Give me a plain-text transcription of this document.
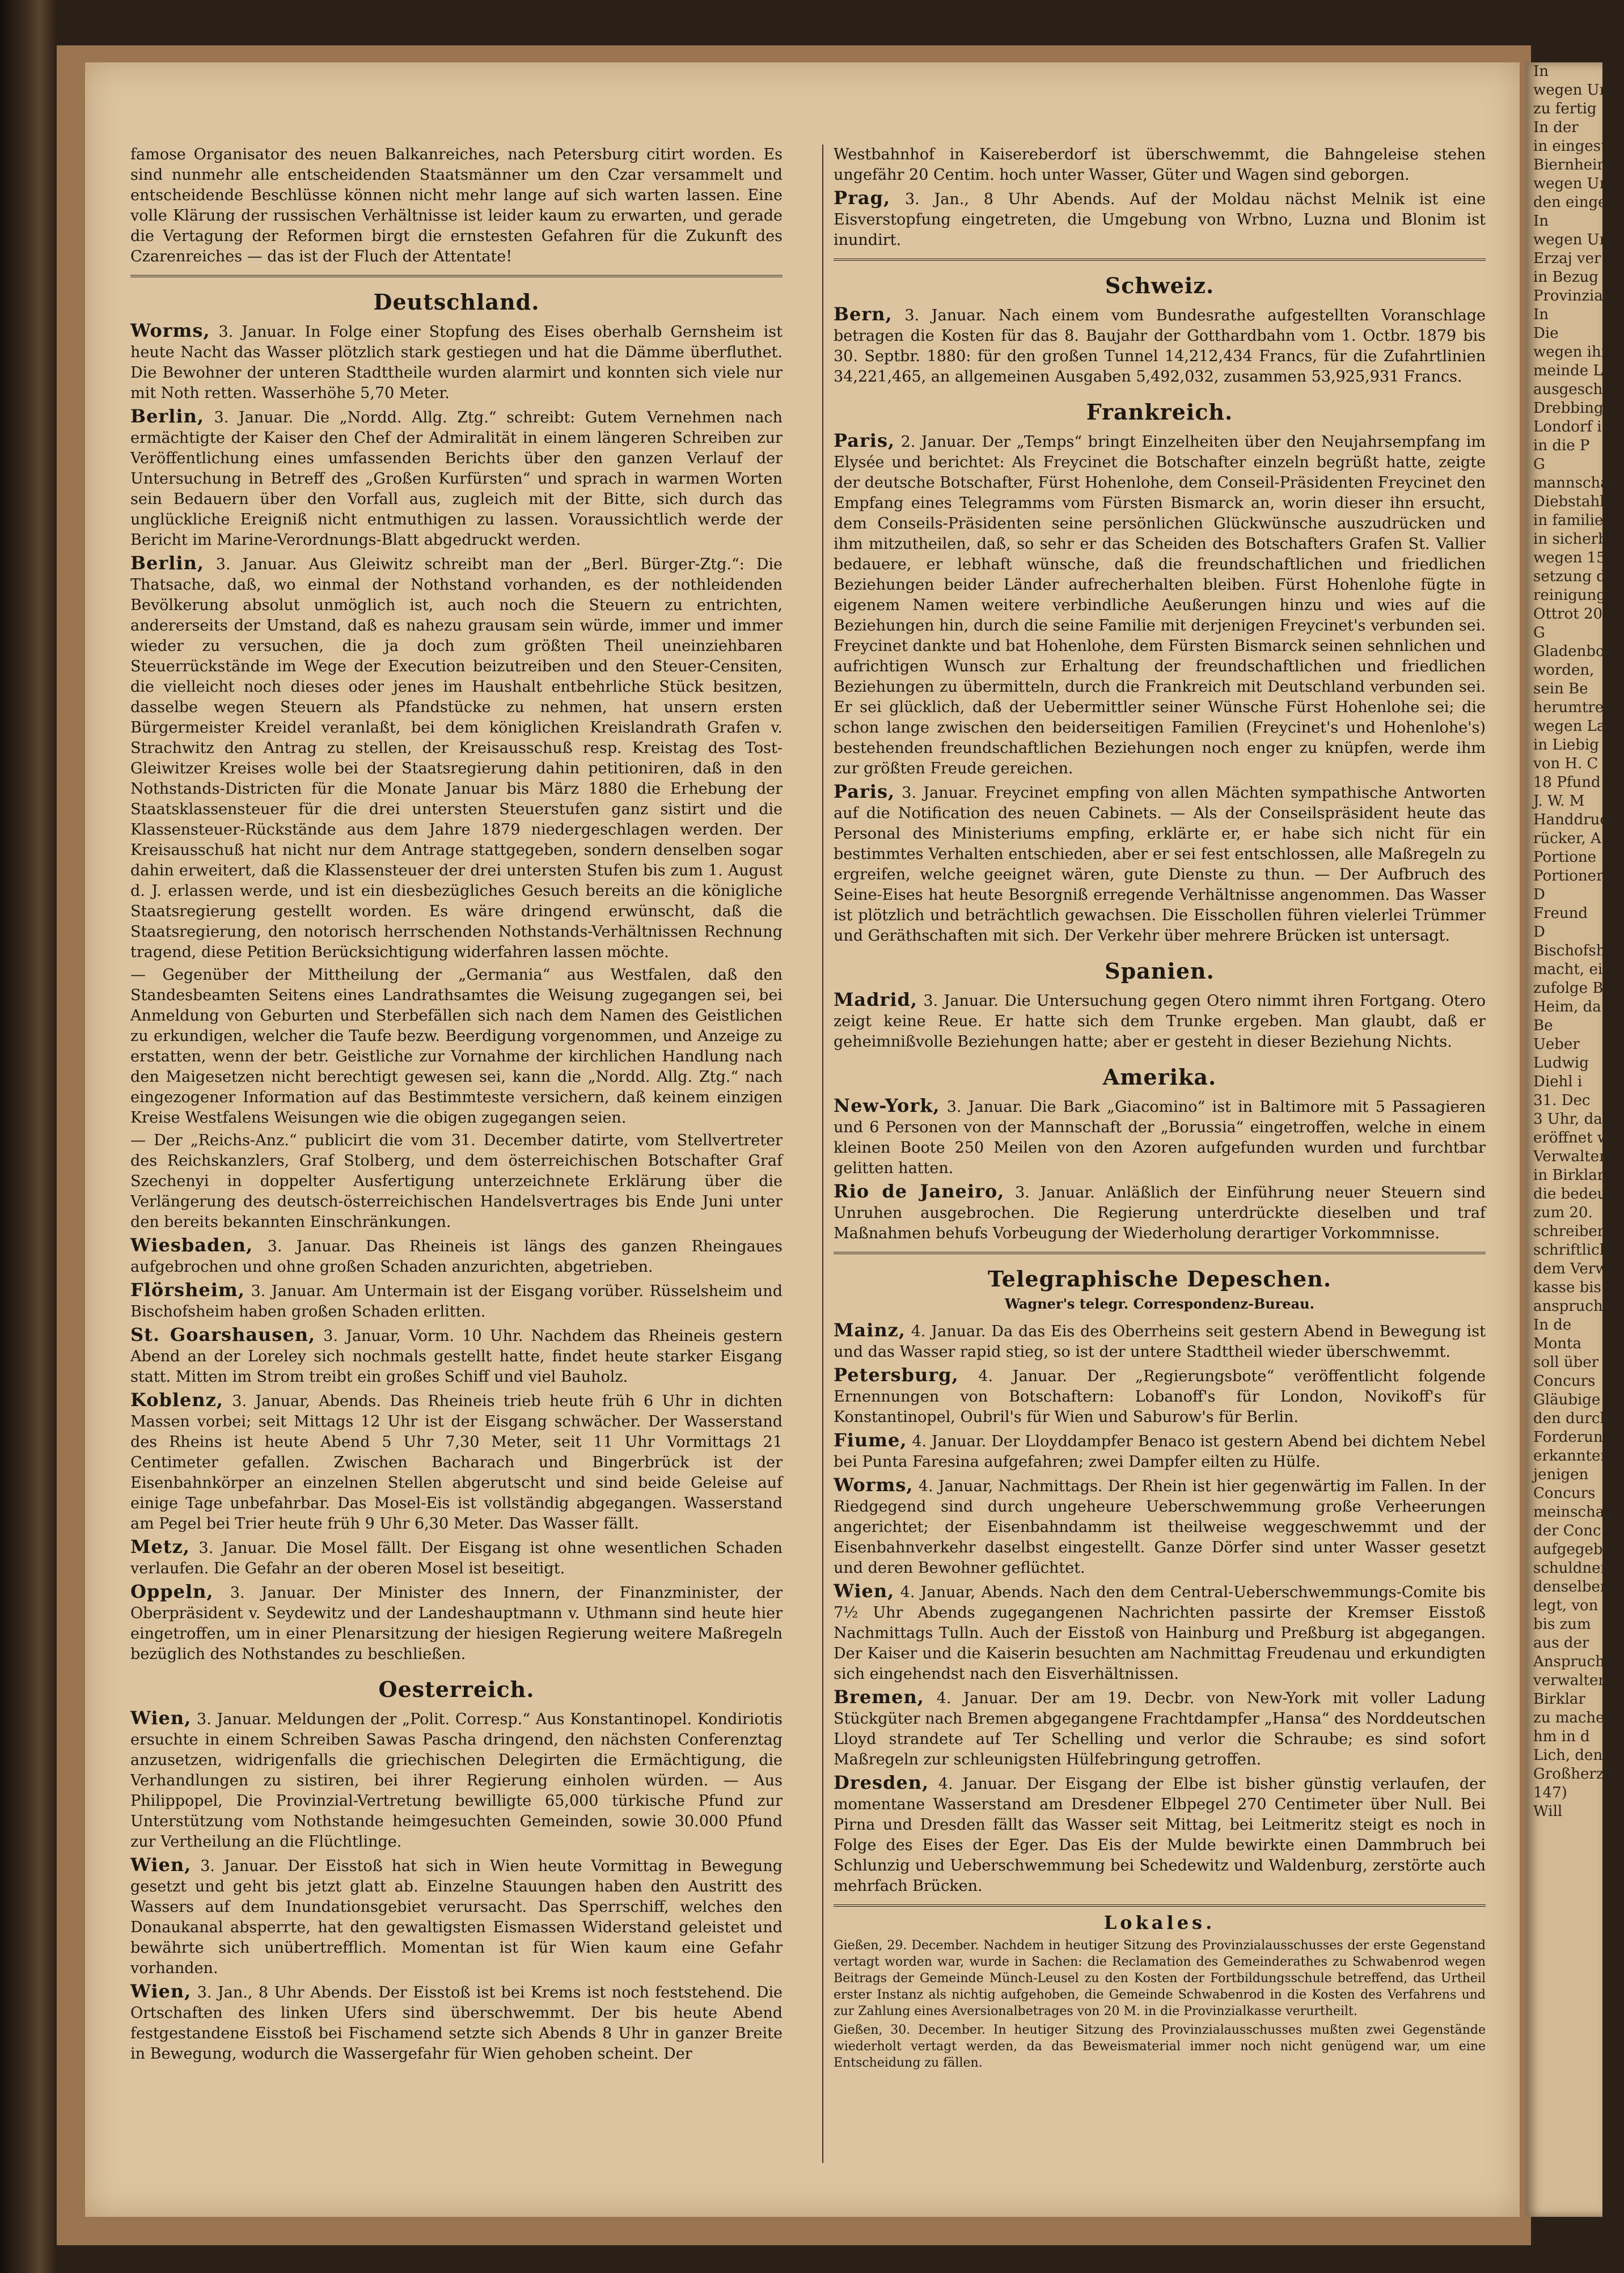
In
wegen Un
zu fertig
In der
in eingest
Biernheim
wegen Unt
den eingelj
In
wegen Unt
Erzaj ver
in Bezug
Provinzial
In
Die
wegen ihre
meinde Lo
ausgeschlos
Drebbing
Londorf i
in die P
G
mannschaft
Diebstahl
in familie
in sicherb
wegen 15,
setzung d
reinigung
Ottrot 20
G
Gladenbo
worden,
sein Be
herumtre
wegen La
in Liebig
von H. C
18 Pfund
J. W. M
Handdruck
rücker, A
Portione
Portioner
D
Freund
D
Bischofshe
macht, ein
zufolge B
Heim, da
Be
Ueber
Ludwig
Diehl i
31. Dec
3 Uhr, da
eröffnet w
Verwalter
in Birklar
die bedeu
zum 20.
schreiberei
schriftlich
dem Verw
kasse bis
anspruch
In de
Monta
soll über
Concurs
Gläubige
den durch
Forderun
erkannter
jenigen
Concurs
meinschaft
der Conc
aufgegebe
schuldner
denselben
legt, von
bis zum
aus der
Anspruch
verwalter
Birklar
zu machen
hm in d
Lich, den
Großherzog
147)
Will

famose Organisator des neuen Balkanreiches, nach Petersburg citirt worden. Es sind nunmehr alle entscheidenden Staatsmänner um den Czar versammelt und entscheidende Beschlüsse können nicht mehr lange auf sich warten lassen. Eine volle Klärung der russischen Verhältnisse ist leider kaum zu erwarten, und gerade die Vertagung der Reformen birgt die ernstesten Gefahren für die Zukunft des Czarenreiches — das ist der Fluch der Attentate!

Deutschland.

Worms, 3. Januar. In Folge einer Stopfung des Eises oberhalb Gernsheim ist heute Nacht das Wasser plötzlich stark gestiegen und hat die Dämme überfluthet. Die Bewohner der unteren Stadttheile wurden alarmirt und konnten sich viele nur mit Noth retten. Wasserhöhe 5,70 Meter.

Berlin, 3. Januar. Die „Nordd. Allg. Ztg.“ schreibt: Gutem Vernehmen nach ermächtigte der Kaiser den Chef der Admiralität in einem längeren Schreiben zur Veröffentlichung eines umfassenden Berichts über den ganzen Verlauf der Untersuchung in Betreff des „Großen Kurfürsten“ und sprach in warmen Worten sein Bedauern über den Vorfall aus, zugleich mit der Bitte, sich durch das unglückliche Ereigniß nicht entmuthigen zu lassen. Voraussichtlich werde der Bericht im Marine-Verordnungs-Blatt abgedruckt werden.

Berlin, 3. Januar. Aus Gleiwitz schreibt man der „Berl. Bürger-Ztg.“: Die Thatsache, daß, wo einmal der Nothstand vorhanden, es der nothleidenden Bevölkerung absolut unmöglich ist, auch noch die Steuern zu entrichten, andererseits der Umstand, daß es nahezu grausam sein würde, immer und immer wieder zu versuchen, die ja doch zum größten Theil uneinziehbaren Steuerrückstände im Wege der Execution beizutreiben und den Steuer-Censiten, die vielleicht noch dieses oder jenes im Haushalt entbehrliche Stück besitzen, dasselbe wegen Steuern als Pfandstücke zu nehmen, hat unsern ersten Bürgermeister Kreidel veranlaßt, bei dem königlichen Kreislandrath Grafen v. Strachwitz den Antrag zu stellen, der Kreisausschuß resp. Kreistag des Tost-Gleiwitzer Kreises wolle bei der Staatsregierung dahin petitioniren, daß in den Nothstands-Districten für die Monate Januar bis März 1880 die Erhebung der Staatsklassensteuer für die drei untersten Steuerstufen ganz sistirt und die Klassensteuer-Rückstände aus dem Jahre 1879 niedergeschlagen werden. Der Kreisausschuß hat nicht nur dem Antrage stattgegeben, sondern denselben sogar dahin erweitert, daß die Klassensteuer der drei untersten Stufen bis zum 1. August d. J. erlassen werde, und ist ein diesbezügliches Gesuch bereits an die königliche Staatsregierung gestellt worden. Es wäre dringend erwünscht, daß die Staatsregierung, den notorisch herrschenden Nothstands-Verhältnissen Rechnung tragend, diese Petition Berücksichtigung widerfahren lassen möchte.

— Gegenüber der Mittheilung der „Germania“ aus Westfalen, daß den Standesbeamten Seitens eines Landrathsamtes die Weisung zugegangen sei, bei Anmeldung von Geburten und Sterbefällen sich nach dem Namen des Geistlichen zu erkundigen, welcher die Taufe bezw. Beerdigung vorgenommen, und Anzeige zu erstatten, wenn der betr. Geistliche zur Vornahme der kirchlichen Handlung nach den Maigesetzen nicht berechtigt gewesen sei, kann die „Nordd. Allg. Ztg.“ nach eingezogener Information auf das Bestimmteste versichern, daß keinem einzigen Kreise Westfalens Weisungen wie die obigen zugegangen seien.

— Der „Reichs-Anz.“ publicirt die vom 31. December datirte, vom Stellvertreter des Reichskanzlers, Graf Stolberg, und dem österreichischen Botschafter Graf Szechenyi in doppelter Ausfertigung unterzeichnete Erklärung über die Verlängerung des deutsch-österreichischen Handelsvertrages bis Ende Juni unter den bereits bekannten Einschränkungen.

Wiesbaden, 3. Januar. Das Rheineis ist längs des ganzen Rheingaues aufgebrochen und ohne großen Schaden anzurichten, abgetrieben.

Flörsheim, 3. Januar. Am Untermain ist der Eisgang vorüber. Rüsselsheim und Bischofsheim haben großen Schaden erlitten.

St. Goarshausen, 3. Januar, Vorm. 10 Uhr. Nachdem das Rheineis gestern Abend an der Loreley sich nochmals gestellt hatte, findet heute starker Eisgang statt. Mitten im Strom treibt ein großes Schiff und viel Bauholz.

Koblenz, 3. Januar, Abends. Das Rheineis trieb heute früh 6 Uhr in dichten Massen vorbei; seit Mittags 12 Uhr ist der Eisgang schwächer. Der Wasserstand des Rheins ist heute Abend 5 Uhr 7,30 Meter, seit 11 Uhr Vormittags 21 Centimeter gefallen. Zwischen Bacharach und Bingerbrück ist der Eisenbahnkörper an einzelnen Stellen abgerutscht und sind beide Geleise auf einige Tage unbefahrbar. Das Mosel-Eis ist vollständig abgegangen. Wasserstand am Pegel bei Trier heute früh 9 Uhr 6,30 Meter. Das Wasser fällt.

Metz, 3. Januar. Die Mosel fällt. Der Eisgang ist ohne wesentlichen Schaden verlaufen. Die Gefahr an der oberen Mosel ist beseitigt.

Oppeln, 3. Januar. Der Minister des Innern, der Finanzminister, der Oberpräsident v. Seydewitz und der Landeshauptmann v. Uthmann sind heute hier eingetroffen, um in einer Plenarsitzung der hiesigen Regierung weitere Maßregeln bezüglich des Nothstandes zu beschließen.

Oesterreich.

Wien, 3. Januar. Meldungen der „Polit. Corresp.“ Aus Konstantinopel. Kondiriotis ersuchte in einem Schreiben Sawas Pascha dringend, den nächsten Conferenztag anzusetzen, widrigenfalls die griechischen Delegirten die Ermächtigung, die Verhandlungen zu sistiren, bei ihrer Regierung einholen würden. — Aus Philippopel, Die Provinzial-Vertretung bewilligte 65,000 türkische Pfund zur Unterstützung vom Nothstande heimgesuchten Gemeinden, sowie 30.000 Pfund zur Vertheilung an die Flüchtlinge.

Wien, 3. Januar. Der Eisstoß hat sich in Wien heute Vormittag in Bewegung gesetzt und geht bis jetzt glatt ab. Einzelne Stauungen haben den Austritt des Wassers auf dem Inundationsgebiet verursacht. Das Sperrschiff, welches den Donaukanal absperrte, hat den gewaltigsten Eismassen Widerstand geleistet und bewährte sich unübertrefflich. Momentan ist für Wien kaum eine Gefahr vorhanden.

Wien, 3. Jan., 8 Uhr Abends. Der Eisstoß ist bei Krems ist noch feststehend. Die Ortschaften des linken Ufers sind überschwemmt. Der bis heute Abend festgestandene Eisstoß bei Fischamend setzte sich Abends 8 Uhr in ganzer Breite in Bewegung, wodurch die Wassergefahr für Wien gehoben scheint. Der

Westbahnhof in Kaisereberdorf ist überschwemmt, die Bahngeleise stehen ungefähr 20 Centim. hoch unter Wasser, Güter und Wagen sind geborgen.

Prag, 3. Jan., 8 Uhr Abends. Auf der Moldau nächst Melnik ist eine Eisverstopfung eingetreten, die Umgebung von Wrbno, Luzna und Blonim ist inundirt.

Schweiz.

Bern, 3. Januar. Nach einem vom Bundesrathe aufgestellten Voranschlage betragen die Kosten für das 8. Baujahr der Gotthardbahn vom 1. Octbr. 1879 bis 30. Septbr. 1880: für den großen Tunnel 14,212,434 Francs, für die Zufahrtlinien 34,221,465, an allgemeinen Ausgaben 5,492,032, zusammen 53,925,931 Francs.

Frankreich.

Paris, 2. Januar. Der „Temps“ bringt Einzelheiten über den Neujahrsempfang im Elysée und berichtet: Als Freycinet die Botschafter einzeln begrüßt hatte, zeigte der deutsche Botschafter, Fürst Hohenlohe, dem Conseil-Präsidenten Freycinet den Empfang eines Telegramms vom Fürsten Bismarck an, worin dieser ihn ersucht, dem Conseils-Präsidenten seine persönlichen Glückwünsche auszudrücken und ihm mitzutheilen, daß, so sehr er das Scheiden des Botschafters Grafen St. Vallier bedauere, er lebhaft wünsche, daß die freundschaftlichen und friedlichen Beziehungen beider Länder aufrecherhalten bleiben. Fürst Hohenlohe fügte in eigenem Namen weitere verbindliche Aeußerungen hinzu und wies auf die Beziehungen hin, durch die seine Familie mit derjenigen Freycinet's verbunden sei. Freycinet dankte und bat Hohenlohe, dem Fürsten Bismarck seinen sehnlichen und aufrichtigen Wunsch zur Erhaltung der freundschaftlichen und friedlichen Beziehungen zu übermitteln, durch die Frankreich mit Deutschland verbunden sei. Er sei glücklich, daß der Uebermittler seiner Wünsche Fürst Hohenlohe sei; die schon lange zwischen den beiderseitigen Familien (Freycinet's und Hohenlohe's) bestehenden freundschaftlichen Beziehungen noch enger zu knüpfen, werde ihm zur größten Freude gereichen.

Paris, 3. Januar. Freycinet empfing von allen Mächten sympathische Antworten auf die Notification des neuen Cabinets. — Als der Conseilspräsident heute das Personal des Ministeriums empfing, erklärte er, er habe sich nicht für ein bestimmtes Verhalten entschieden, aber er sei fest entschlossen, alle Maßregeln zu ergreifen, welche geeignet wären, gute Dienste zu thun. — Der Aufbruch des Seine-Eises hat heute Besorgniß erregende Verhältnisse angenommen. Das Wasser ist plötzlich und beträchtlich gewachsen. Die Eisschollen führen vielerlei Trümmer und Geräthschaften mit sich. Der Verkehr über mehrere Brücken ist untersagt.

Spanien.

Madrid, 3. Januar. Die Untersuchung gegen Otero nimmt ihren Fortgang. Otero zeigt keine Reue. Er hatte sich dem Trunke ergeben. Man glaubt, daß er geheimnißvolle Beziehungen hatte; aber er gesteht in dieser Beziehung Nichts.

Amerika.

New-York, 3. Januar. Die Bark „Giacomino“ ist in Baltimore mit 5 Passagieren und 6 Personen von der Mannschaft der „Borussia“ eingetroffen, welche in einem kleinen Boote 250 Meilen von den Azoren aufgefunden wurden und furchtbar gelitten hatten.

Rio de Janeiro, 3. Januar. Anläßlich der Einführung neuer Steuern sind Unruhen ausgebrochen. Die Regierung unterdrückte dieselben und traf Maßnahmen behufs Vorbeugung der Wiederholung derartiger Vorkommnisse.

Telegraphische Depeschen.
Wagner's telegr. Correspondenz-Bureau.

Mainz, 4. Januar. Da das Eis des Oberrheins seit gestern Abend in Bewegung ist und das Wasser rapid stieg, so ist der untere Stadttheil wieder überschwemmt.

Petersburg, 4. Januar. Der „Regierungsbote“ veröffentlicht folgende Ernennungen von Botschaftern: Lobanoff's für London, Novikoff's für Konstantinopel, Oubril's für Wien und Saburow's für Berlin.

Fiume, 4. Januar. Der Lloyddampfer Benaco ist gestern Abend bei dichtem Nebel bei Punta Faresina aufgefahren; zwei Dampfer eilten zu Hülfe.

Worms, 4. Januar, Nachmittags. Der Rhein ist hier gegenwärtig im Fallen. In der Riedgegend sind durch ungeheure Ueberschwemmung große Verheerungen angerichtet; der Eisenbahndamm ist theilweise weggeschwemmt und der Eisenbahnverkehr daselbst eingestellt. Ganze Dörfer sind unter Wasser gesetzt und deren Bewohner geflüchtet.

Wien, 4. Januar, Abends. Nach den dem Central-Ueberschwemmungs-Comite bis 7½ Uhr Abends zugegangenen Nachrichten passirte der Kremser Eisstoß Nachmittags Tulln. Auch der Eisstoß von Hainburg und Preßburg ist abgegangen. Der Kaiser und die Kaiserin besuchten am Nachmittag Freudenau und erkundigten sich eingehendst nach den Eisverhältnissen.

Bremen, 4. Januar. Der am 19. Decbr. von New-York mit voller Ladung Stückgüter nach Bremen abgegangene Frachtdampfer „Hansa“ des Norddeutschen Lloyd strandete auf Ter Schelling und verlor die Schraube; es sind sofort Maßregeln zur schleunigsten Hülfebringung getroffen.

Dresden, 4. Januar. Der Eisgang der Elbe ist bisher günstig verlaufen, der momentane Wasserstand am Dresdener Elbpegel 270 Centimeter über Null. Bei Pirna und Dresden fällt das Wasser seit Mittag, bei Leitmeritz steigt es noch in Folge des Eises der Eger. Das Eis der Mulde bewirkte einen Dammbruch bei Schlunzig und Ueberschwemmung bei Schedewitz und Waldenburg, zerstörte auch mehrfach Brücken.

Lokales.

Gießen, 29. December. Nachdem in heutiger Sitzung des Provinzialausschusses der erste Gegenstand vertagt worden war, wurde in Sachen: die Reclamation des Gemeinderathes zu Schwabenrod wegen Beitrags der Gemeinde Münch-Leusel zu den Kosten der Fortbildungsschule betreffend, das Urtheil erster Instanz als nichtig aufgehoben, die Gemeinde Schwabenrod in die Kosten des Verfahrens und zur Zahlung eines Aversionalbetrages von 20 M. in die Provinzialkasse verurtheilt.

Gießen, 30. December. In heutiger Sitzung des Provinzialausschusses mußten zwei Gegenstände wiederholt vertagt werden, da das Beweismaterial immer noch nicht genügend war, um eine Entscheidung zu fällen.
